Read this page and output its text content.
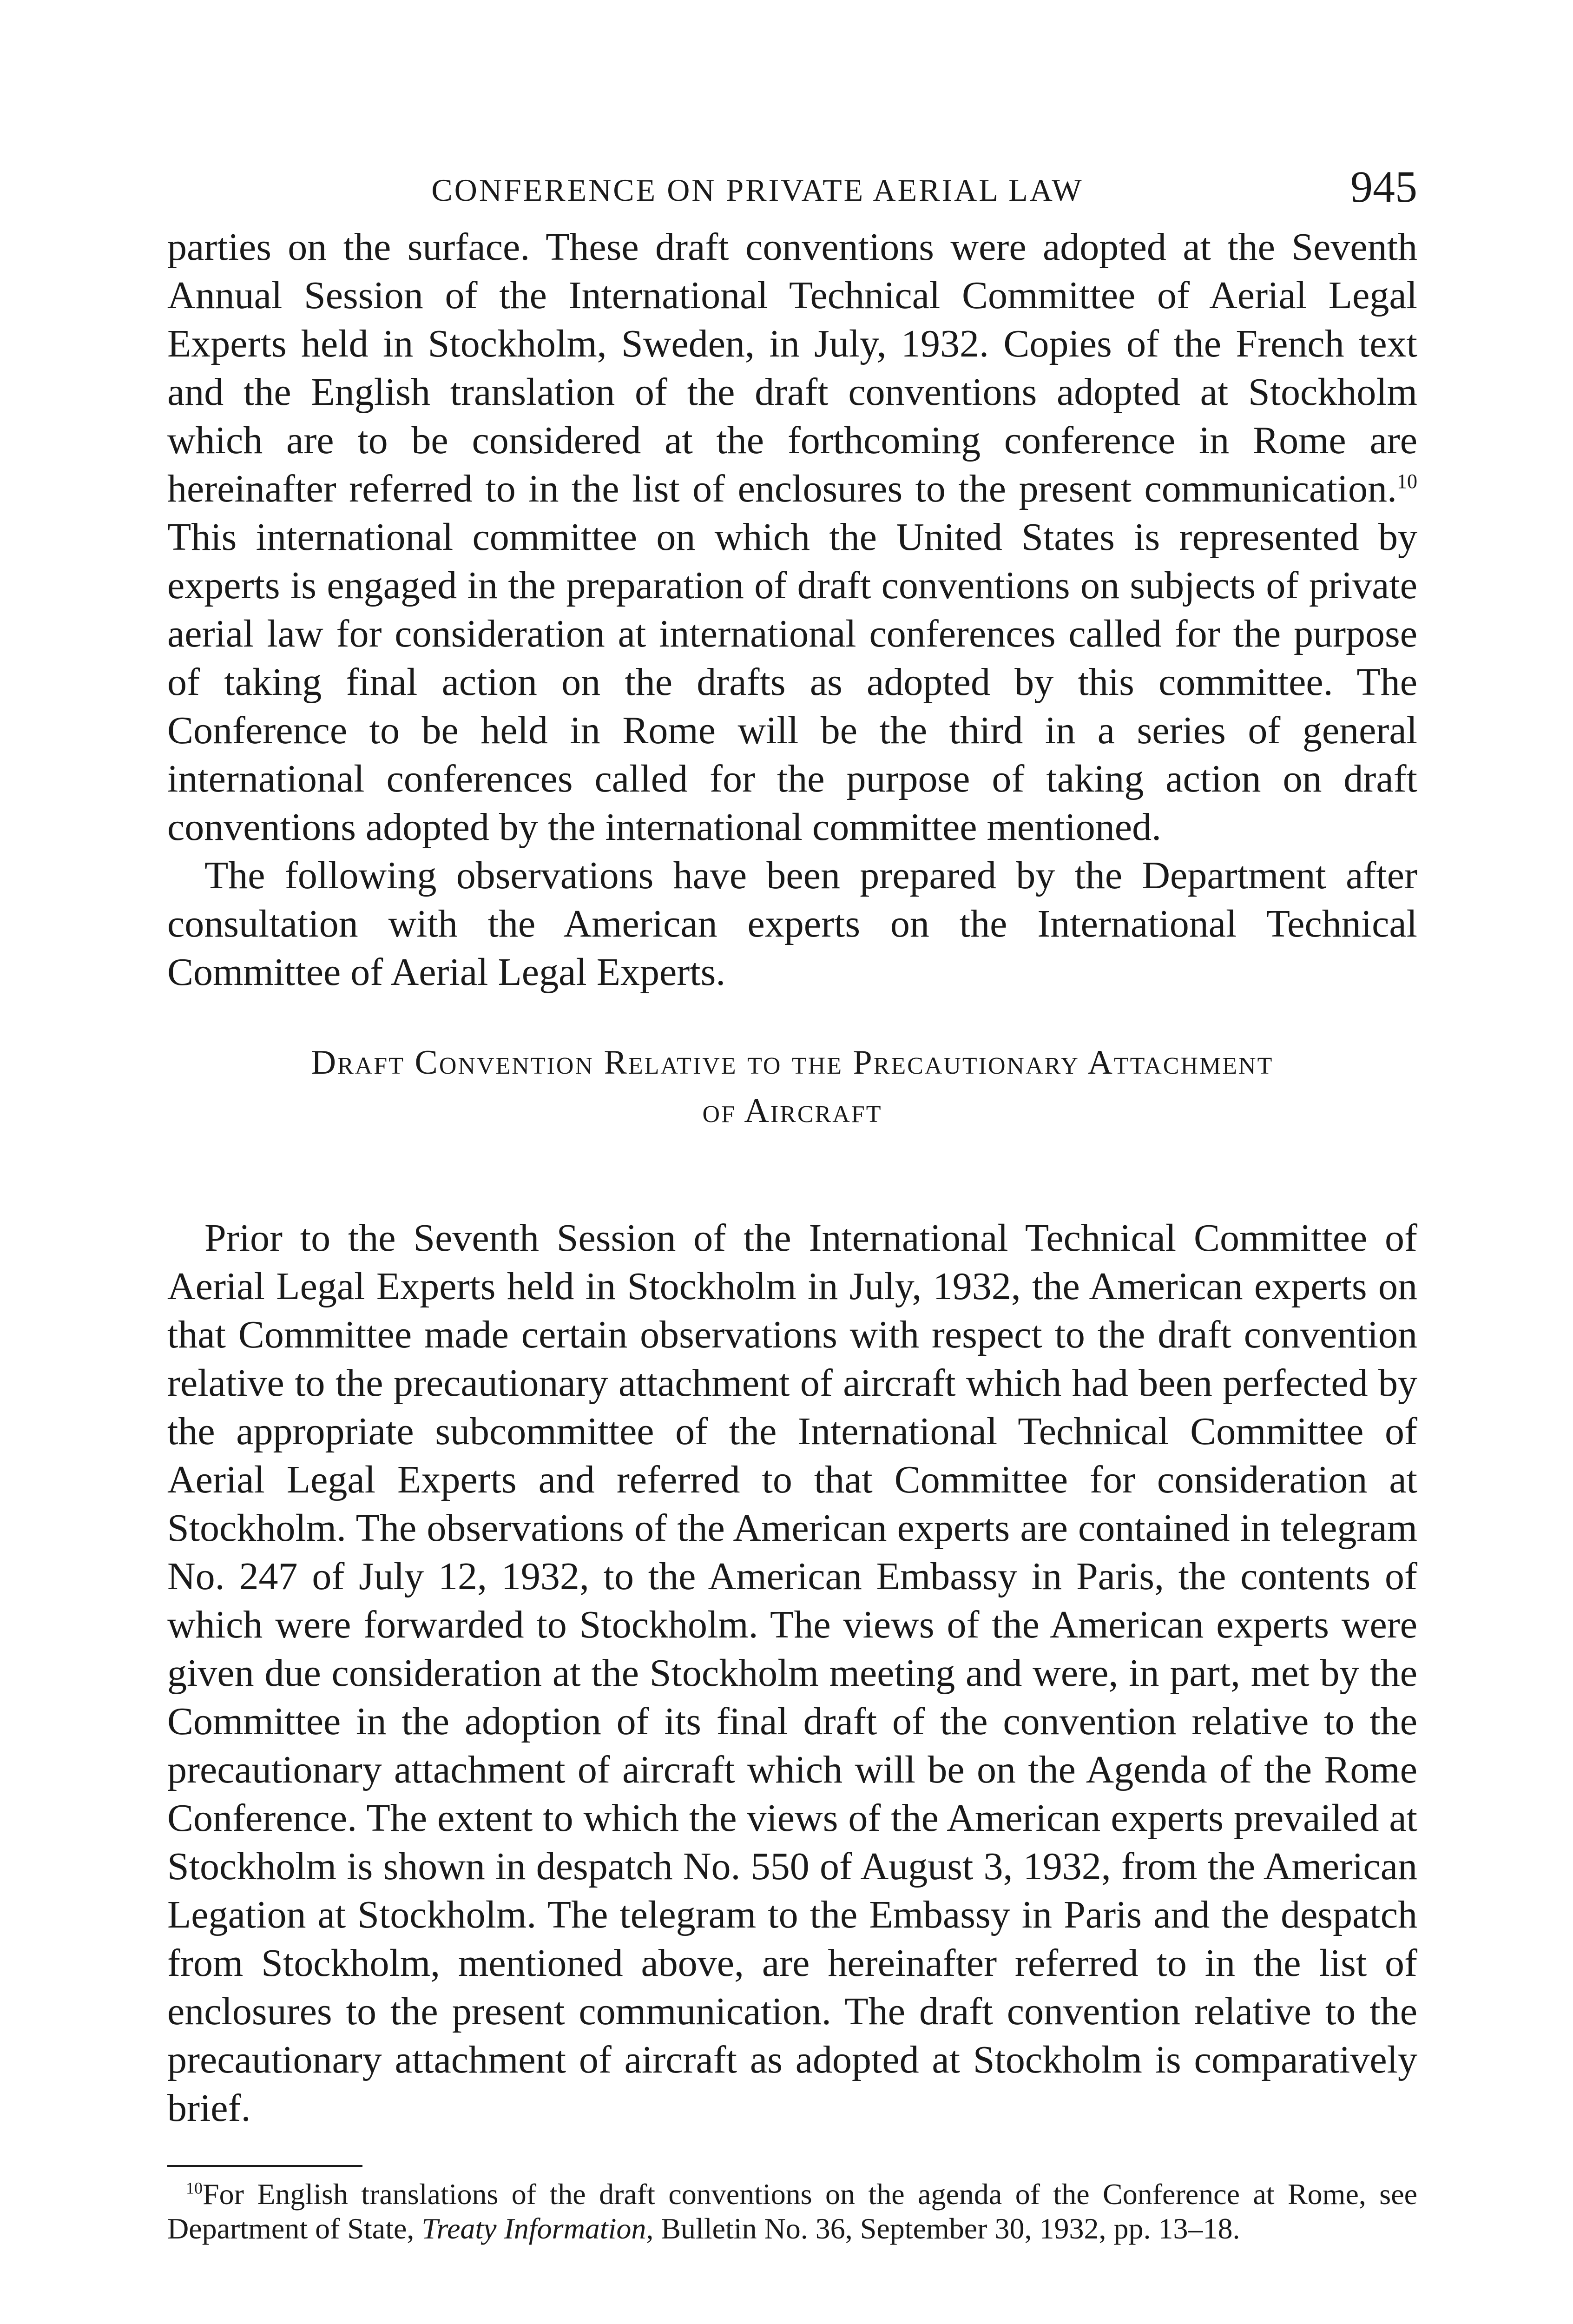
CONFERENCE ON PRIVATE AERIAL LAW	945

parties on the surface. These draft conventions were adopted at the Seventh Annual Session of the International Technical Committee of Aerial Legal Experts held in Stockholm, Sweden, in July, 1932. Copies of the French text and the English translation of the draft conventions adopted at Stockholm which are to be considered at the forthcoming conference in Rome are hereinafter referred to in the list of enclosures to the present communication.$^{10}$ This international committee on which the United States is represented by experts is engaged in the preparation of draft conventions on subjects of private aerial law for consideration at international conferences called for the purpose of taking final action on the drafts as adopted by this committee. The Conference to be held in Rome will be the third in a series of general international conferences called for the purpose of taking action on draft conventions adopted by the international committee mentioned.

The following observations have been prepared by the Department after consultation with the American experts on the International Technical Committee of Aerial Legal Experts.

Draft Convention Relative to the Precautionary Attachment
of Aircraft

Prior to the Seventh Session of the International Technical Committee of Aerial Legal Experts held in Stockholm in July, 1932, the American experts on that Committee made certain observations with respect to the draft convention relative to the precautionary attachment of aircraft which had been perfected by the appropriate subcommittee of the International Technical Committee of Aerial Legal Experts and referred to that Committee for consideration at Stockholm. The observations of the American experts are contained in telegram No. 247 of July 12, 1932, to the American Embassy in Paris, the contents of which were forwarded to Stockholm. The views of the American experts were given due consideration at the Stockholm meeting and were, in part, met by the Committee in the adoption of its final draft of the convention relative to the precautionary attachment of aircraft which will be on the Agenda of the Rome Conference. The extent to which the views of the American experts prevailed at Stockholm is shown in despatch No. 550 of August 3, 1932, from the American Legation at Stockholm. The telegram to the Embassy in Paris and the despatch from Stockholm, mentioned above, are hereinafter referred to in the list of enclosures to the present communication. The draft convention relative to the precautionary attachment of aircraft as adopted at Stockholm is comparatively brief.

$^{10}$For English translations of the draft conventions on the agenda of the Conference at Rome, see Department of State, Treaty Information, Bulletin No. 36, September 30, 1932, pp. 13–18.
